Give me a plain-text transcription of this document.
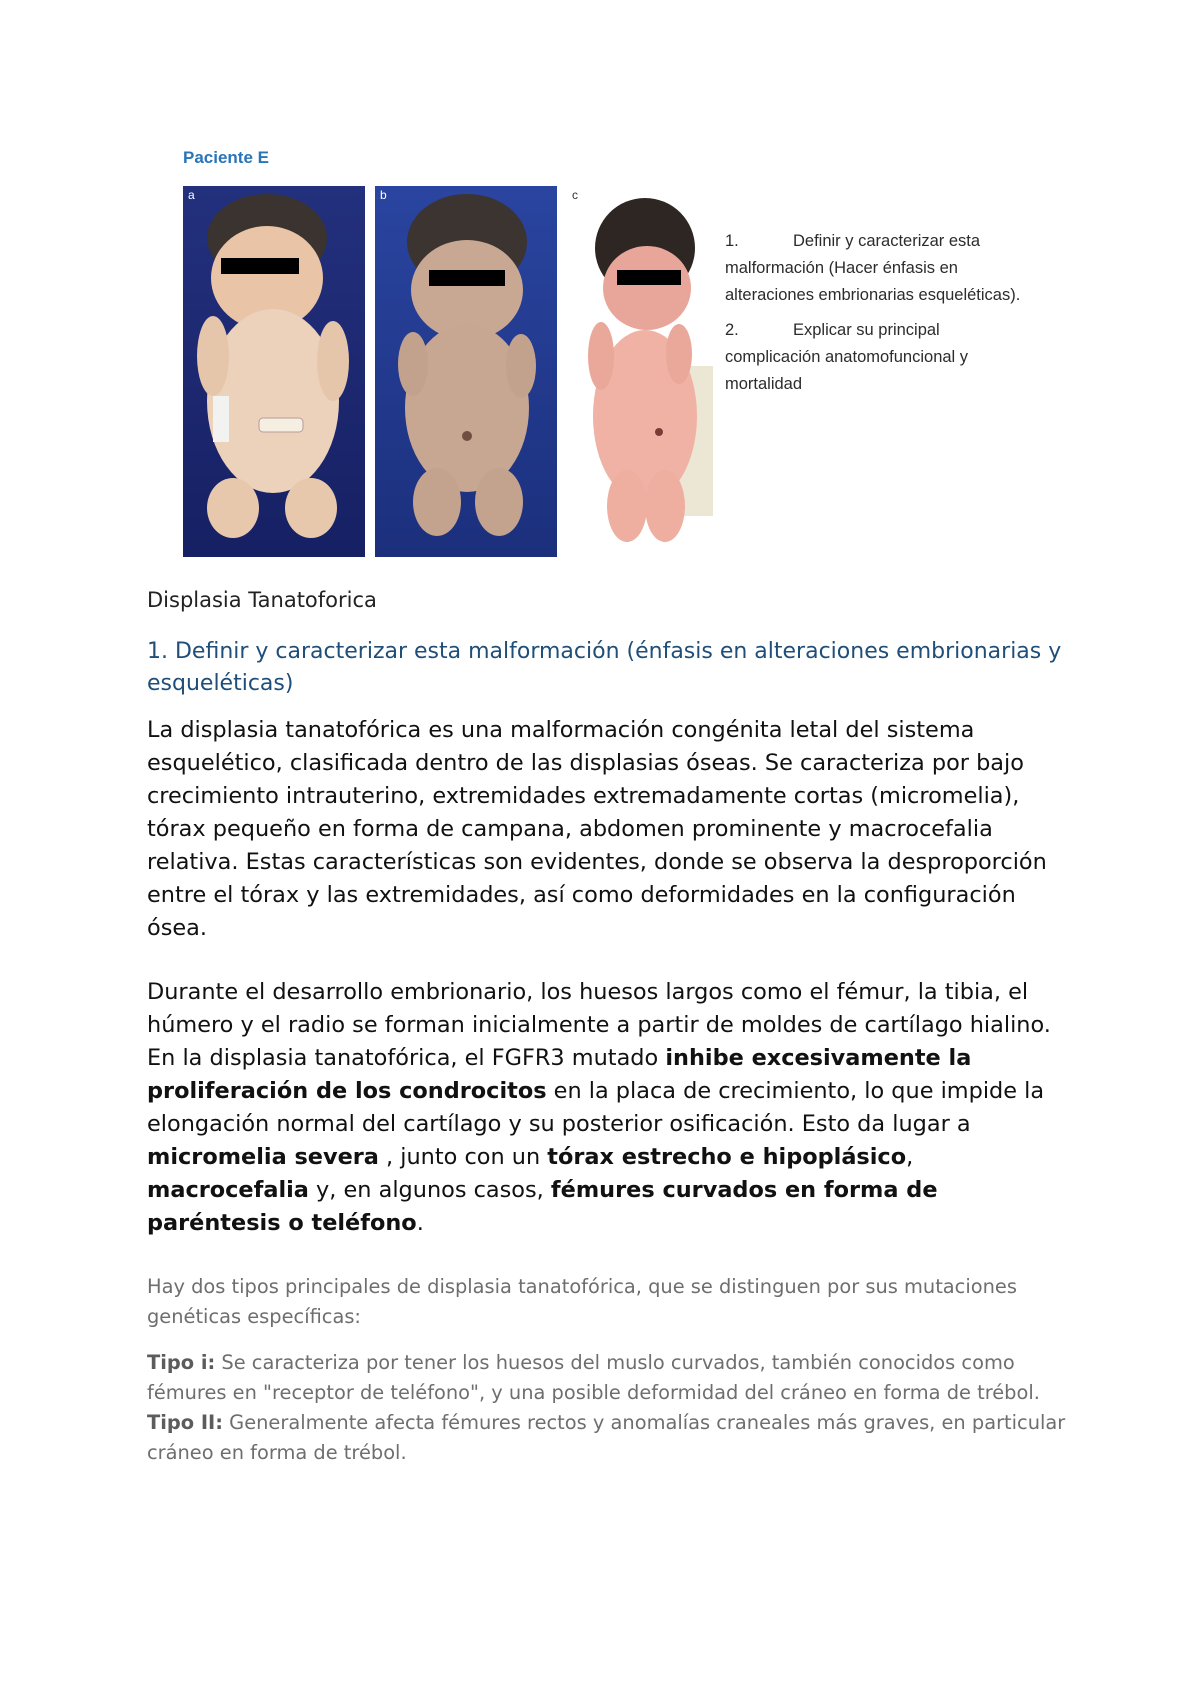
Paciente E
a	b	c
1.	Definir y caracterizar esta malformación (Hacer énfasis en alteraciones embrionarias esqueléticas).
2.	Explicar su principal complicación anatomofuncional y mortalidad
Displasia Tanatoforica
1. Definir y caracterizar esta malformación (énfasis en alteraciones embrionarias y esqueléticas)
La displasia tanatofórica es una malformación congénita letal del sistema esquelético, clasificada dentro de las displasias óseas. Se caracteriza por bajo crecimiento intrauterino, extremidades extremadamente cortas (micromelia), tórax pequeño en forma de campana, abdomen prominente y macrocefalia relativa. Estas características son evidentes, donde se observa la desproporción entre el tórax y las extremidades, así como deformidades en la configuración ósea.
Durante el desarrollo embrionario, los huesos largos como el fémur, la tibia, el húmero y el radio se forman inicialmente a partir de moldes de cartílago hialino. En la displasia tanatofórica, el FGFR3 mutado inhibe excesivamente la proliferación de los condrocitos en la placa de crecimiento, lo que impide la elongación normal del cartílago y su posterior osificación. Esto da lugar a micromelia severa , junto con un tórax estrecho e hipoplásico, macrocefalia y, en algunos casos, fémures curvados en forma de paréntesis o teléfono.
Hay dos tipos principales de displasia tanatofórica, que se distinguen por sus mutaciones genéticas específicas:
Tipo i: Se caracteriza por tener los huesos del muslo curvados, también conocidos como fémures en "receptor de teléfono", y una posible deformidad del cráneo en forma de trébol.
Tipo II: Generalmente afecta fémures rectos y anomalías craneales más graves, en particular cráneo en forma de trébol.
